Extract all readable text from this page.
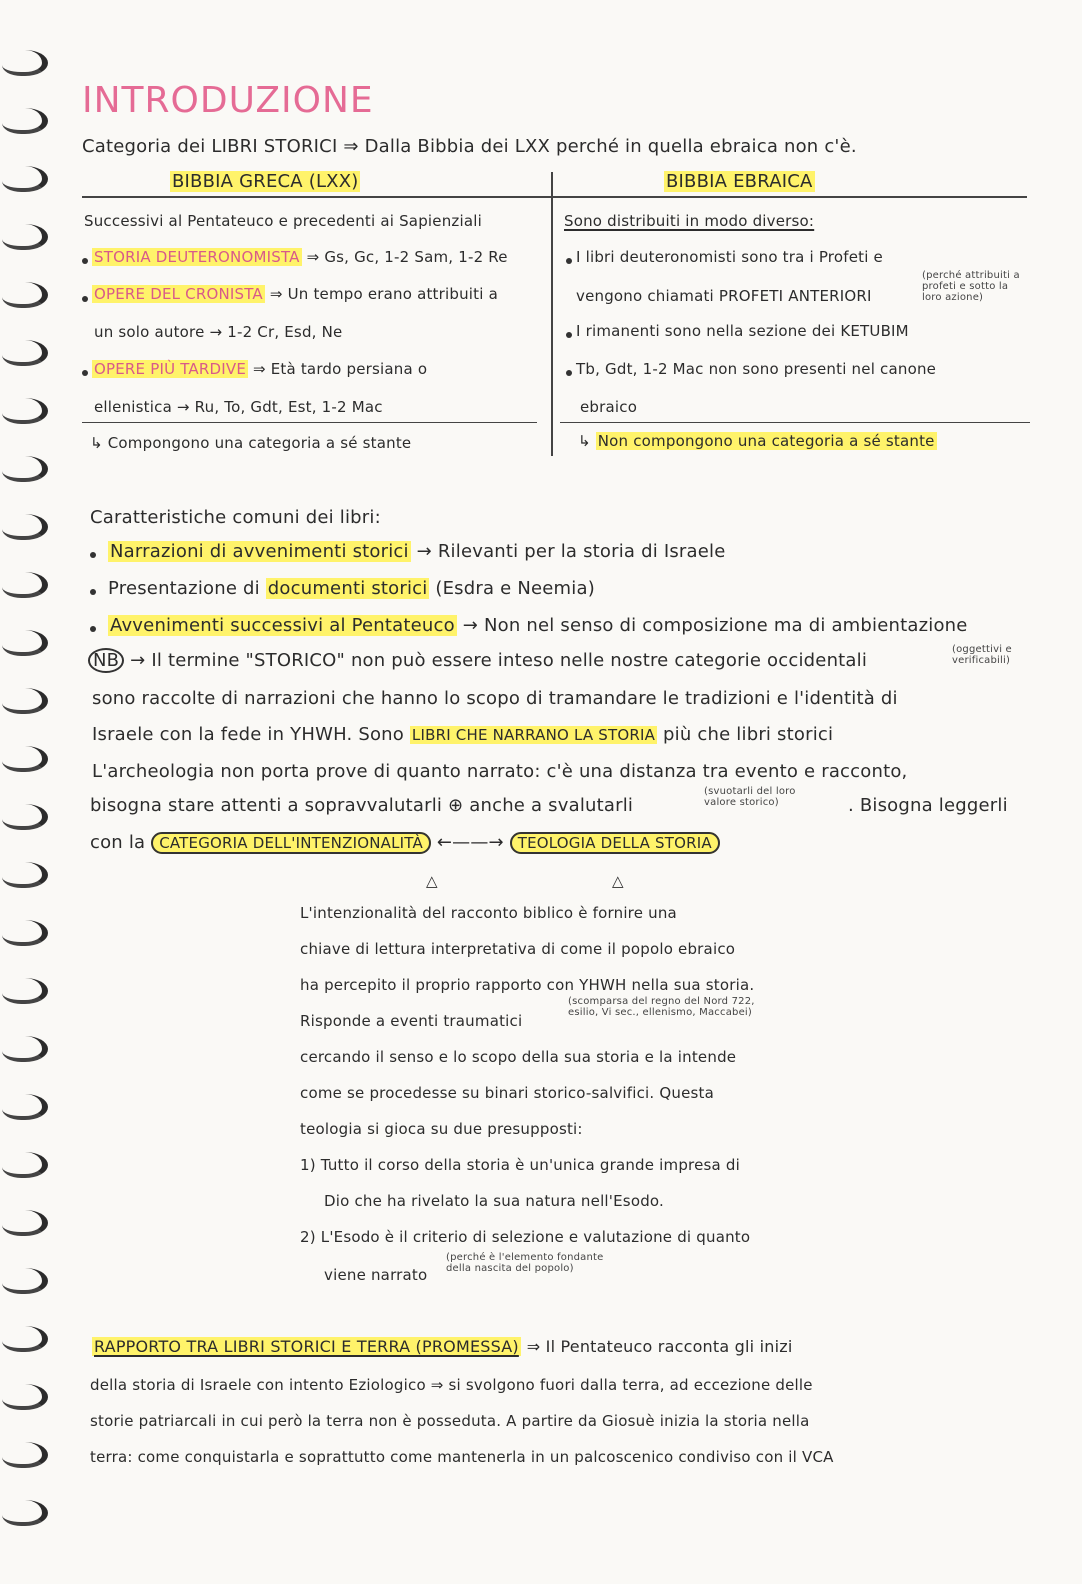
INTRODUZIONE
Categoria dei LIBRI STORICI ⇒ Dalla Bibbia dei LXX perché in quella ebraica non c'è.
BIBBIA GRECA (LXX)	BIBBIA EBRAICA
Successivi al Pentateuco e precedenti ai Sapienziali
STORIA DEUTERONOMISTA ⇒ Gs, Gc, 1-2 Sam, 1-2 Re
OPERE DEL CRONISTA ⇒ Un tempo erano attribuiti a
un solo autore → 1-2 Cr, Esd, Ne
OPERE PIÙ TARDIVE ⇒ Età tardo persiana o
ellenistica → Ru, To, Gdt, Est, 1-2 Mac
↳ Compongono una categoria a sé stante
Sono distribuiti in modo diverso:
I libri deuteronomisti sono tra i Profeti e
vengono chiamati PROFETI ANTERIORI
(perché attribuiti a
profeti e sotto la
loro azione)
I rimanenti sono nella sezione dei KETUBIM
Tb, Gdt, 1-2 Mac non sono presenti nel canone
ebraico
↳ Non compongono una categoria a sé stante
Caratteristiche comuni dei libri:
Narrazioni di avvenimenti storici → Rilevanti per la storia di Israele
Presentazione di documenti storici (Esdra e Neemia)
Avvenimenti successivi al Pentateuco → Non nel senso di composizione ma di ambientazione
NB → Il termine "STORICO" non può essere inteso nelle nostre categorie occidentali
(oggettivi e
verificabili)
sono raccolte di narrazioni che hanno lo scopo di tramandare le tradizioni e l'identità di
Israele con la fede in YHWH. Sono LIBRI CHE NARRANO LA STORIA più che libri storici
L'archeologia non porta prove di quanto narrato: c'è una distanza tra evento e racconto,
bisogna stare attenti a sopravvalutarli ⊕ anche a svalutarli
(svuotarli del loro
valore storico)	. Bisogna leggerli
con la CATEGORIA DELL'INTENZIONALITÀ ←——→ TEOLOGIA DELLA STORIA
△	△
L'intenzionalità del racconto biblico è fornire una
chiave di lettura interpretativa di come il popolo ebraico
ha percepito il proprio rapporto con YHWH nella sua storia.
Risponde a eventi traumatici
(scomparsa del regno del Nord 722,
esilio, Vi sec., ellenismo, Maccabei)
cercando il senso e lo scopo della sua storia e la intende
come se procedesse su binari storico-salvifici. Questa
teologia si gioca su due presupposti:
1) Tutto il corso della storia è un'unica grande impresa di
Dio che ha rivelato la sua natura nell'Esodo.
2) L'Esodo è il criterio di selezione e valutazione di quanto
viene narrato
(perché è l'elemento fondante
della nascita del popolo)
RAPPORTO TRA LIBRI STORICI E TERRA (PROMESSA) ⇒ Il Pentateuco racconta gli inizi
della storia di Israele con intento Eziologico ⇒ si svolgono fuori dalla terra, ad eccezione delle
storie patriarcali in cui però la terra non è posseduta. A partire da Giosuè inizia la storia nella
terra: come conquistarla e soprattutto come mantenerla in un palcoscenico condiviso con il VCA
